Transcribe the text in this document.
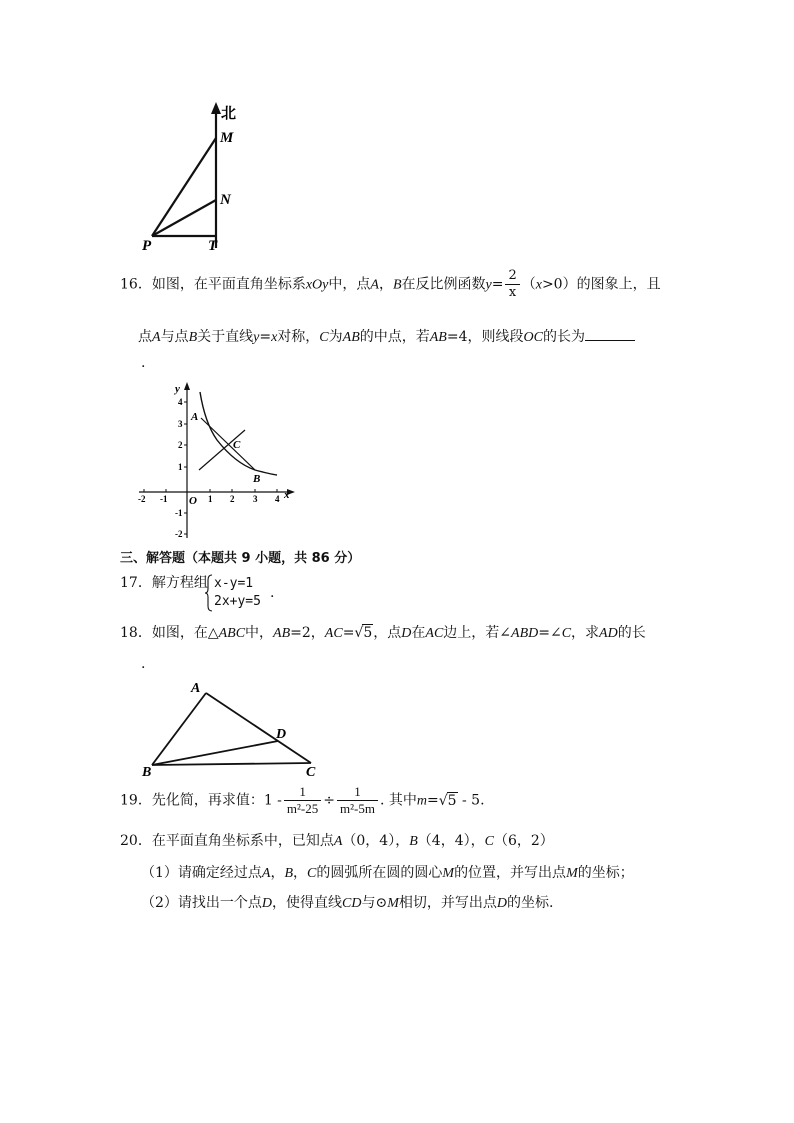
北
M
N
P	T
16．如图，在平面直角坐标系xOy中，点A，B在反比例函数$y= \frac{2}{x} (x>0)$的图象上，且
点A与点B关于直线y=x对称，C为AB的中点，若AB=4，则线段OC的长为
.
y
x
O
4
3
2
1
-1
-2
-2 -1	1 2 3 4
A
C
B
三、解答题（本题共 9 小题，共 86 分）
17．解方程组 x-y=1
2x+y=5
.
18．如图，在△ABC中，AB=2，AC=√5，点D在AC边上，若∠ABD=∠C，求AD的长
.
A
B	C
D
19．先化简，再求值：$1 - \frac{1}{\text{m²-25}} \div \frac{1}{\text{m²-5m}}$ . 其中m=√5 - 5.
20．在平面直角坐标系中，已知点A（0，4），B（4，4），C（6，2）
（1）请确定经过点A，B，C的圆弧所在圆的圆心M的位置，并写出点M的坐标；
（2）请找出一个点D，使得直线CD与⊙M相切，并写出点D的坐标.
